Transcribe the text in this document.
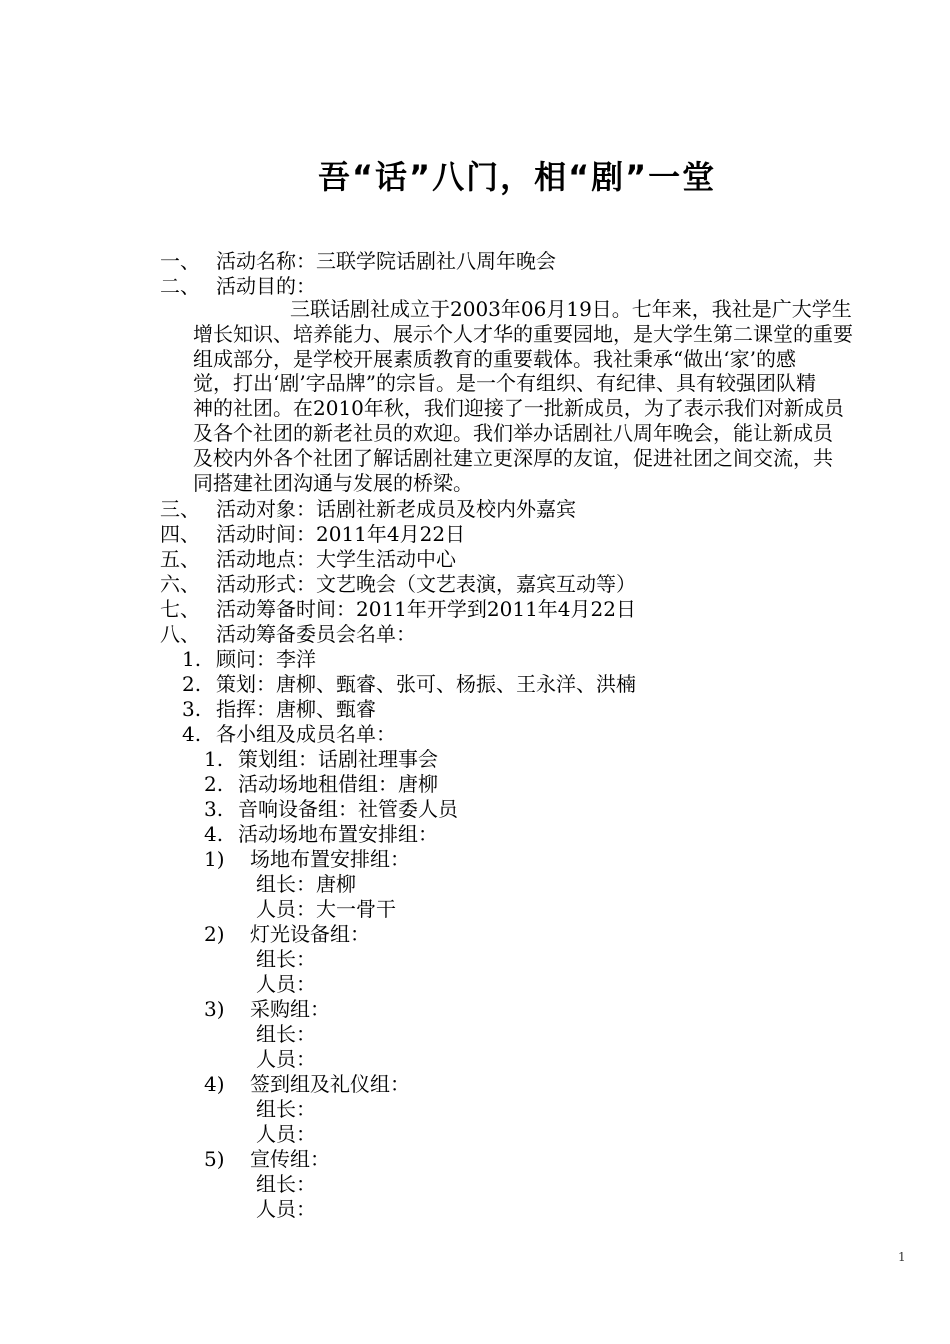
吾“话”八门，相“剧”一堂
一、 活动名称：三联学院话剧社八周年晚会
二、 活动目的：
三联话剧社成立于2003年06月19日。七年来，我社是广大学生
增长知识、培养能力、展示个人才华的重要园地，是大学生第二课堂的重要
组成部分，是学校开展素质教育的重要载体。我社秉承“做出‘家’的感
觉，打出‘剧’字品牌”的宗旨。是一个有组织、有纪律、具有较强团队精
神的社团。在2010年秋，我们迎接了一批新成员，为了表示我们对新成员
及各个社团的新老社员的欢迎。我们举办话剧社八周年晚会，能让新成员
及校内外各个社团了解话剧社建立更深厚的友谊，促进社团之间交流，共
同搭建社团沟通与发展的桥梁。
三、 活动对象：话剧社新老成员及校内外嘉宾
四、 活动时间：2011年4月22日
五、 活动地点：大学生活动中心
六、 活动形式：文艺晚会（文艺表演，嘉宾互动等）
七、 活动筹备时间：2011年开学到2011年4月22日
八、 活动筹备委员会名单：
1. 顾问：李洋
2. 策划：唐柳、甄睿、张可、杨振、王永洋、洪楠
3. 指挥：唐柳、甄睿
4. 各小组及成员名单：
1. 策划组：话剧社理事会
2. 活动场地租借组：唐柳
3. 音响设备组：社管委人员
4. 活动场地布置安排组：
1) 场地布置安排组：
组长：唐柳
人员：大一骨干
2) 灯光设备组：
组长：
人员：
3) 采购组：
组长：
人员：
4) 签到组及礼仪组：
组长：
人员：
5) 宣传组：
组长：
人员：
1
